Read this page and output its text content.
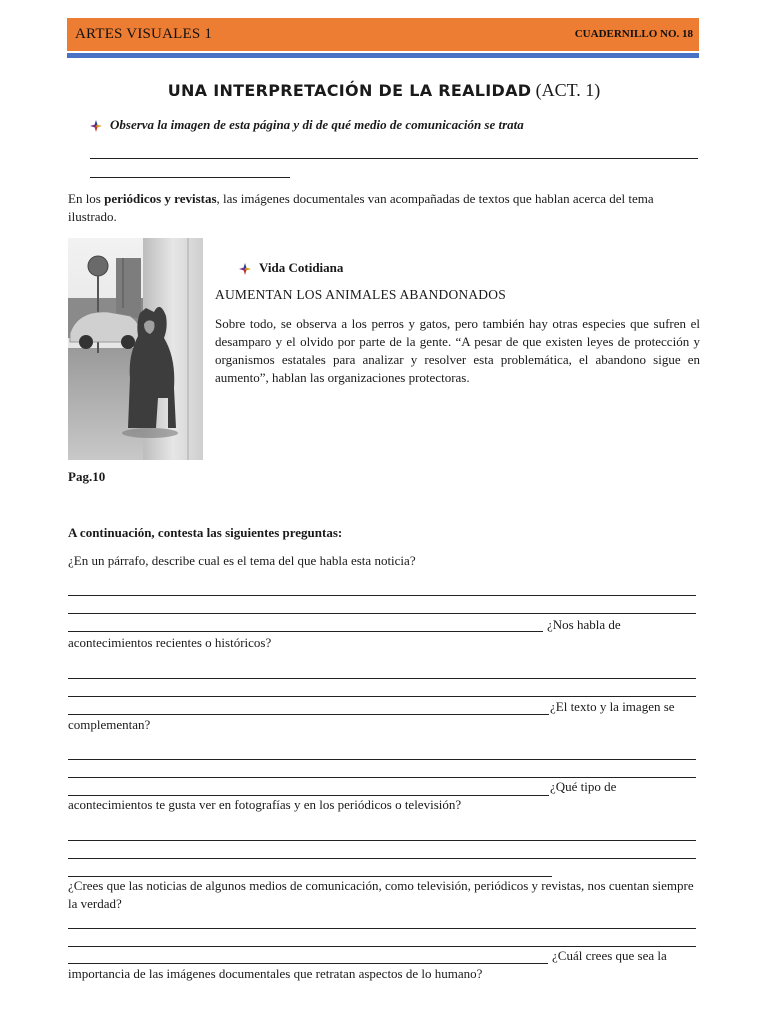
ARTES VISUALES 1	CUADERNILLO NO. 18
UNA INTERPRETACIÓN DE LA REALIDAD (ACT. 1)
Observa la imagen de esta página y di de qué medio de comunicación se trata
En los periódicos y revistas, las imágenes documentales van acompañadas de textos que hablan acerca del tema ilustrado.
Vida Cotidiana
AUMENTAN LOS ANIMALES ABANDONADOS
Sobre todo, se observa a los perros y gatos, pero también hay otras especies que sufren el desamparo y el olvido por parte de la gente. “A pesar de que existen leyes de protección y organismos estatales para analizar y resolver esta problemática, el abandono sigue en aumento”, hablan las organizaciones protectoras.
Pag.10
A continuación, contesta las siguientes preguntas:
¿En un párrafo, describe cual es el tema del que habla esta noticia?
¿Nos habla de
acontecimientos recientes o históricos?
¿El texto y la imagen se
complementan?
¿Qué tipo de
acontecimientos te gusta ver en fotografías y en los periódicos o televisión?
¿Crees que las noticias de algunos medios de comunicación, como televisión, periódicos y revistas, nos cuentan siempre la verdad?
¿Cuál crees que sea la
importancia de las imágenes documentales que retratan aspectos de lo humano?
